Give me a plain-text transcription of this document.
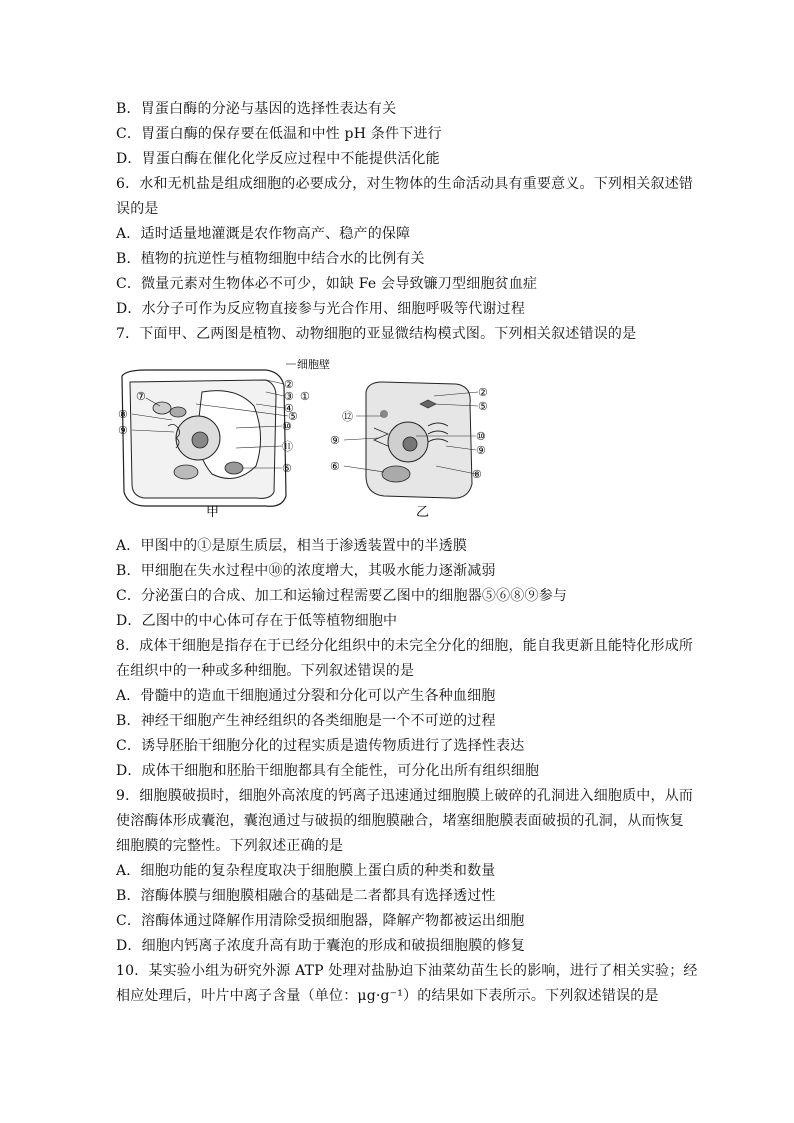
B．胃蛋白酶的分泌与基因的选择性表达有关
C．胃蛋白酶的保存要在低温和中性 pH 条件下进行
D．胃蛋白酶在催化化学反应过程中不能提供活化能
6．水和无机盐是组成细胞的必要成分，对生物体的生命活动具有重要意义。下列相关叙述错
误的是
A．适时适量地灌溉是农作物高产、稳产的保障
B．植物的抗逆性与植物细胞中结合水的比例有关
C．微量元素对生物体必不可少，如缺 Fe 会导致镰刀型细胞贫血症
D．水分子可作为反应物直接参与光合作用、细胞呼吸等代谢过程
7．下面甲、乙两图是植物、动物细胞的亚显微结构模式图。下列相关叙述错误的是
细胞壁
②
③
④
①
⑤
⑩
⑪
⑥
⑦
⑧
⑨
甲
②
⑤
⑩
⑨
⑧
⑫
⑨
⑥
乙
A．甲图中的①是原生质层，相当于渗透装置中的半透膜
B．甲细胞在失水过程中⑩的浓度增大，其吸水能力逐渐减弱
C．分泌蛋白的合成、加工和运输过程需要乙图中的细胞器⑤⑥⑧⑨参与
D．乙图中的中心体可存在于低等植物细胞中
8．成体干细胞是指存在于已经分化组织中的未完全分化的细胞，能自我更新且能特化形成所
在组织中的一种或多种细胞。下列叙述错误的是
A．骨髓中的造血干细胞通过分裂和分化可以产生各种血细胞
B．神经干细胞产生神经组织的各类细胞是一个不可逆的过程
C．诱导胚胎干细胞分化的过程实质是遗传物质进行了选择性表达
D．成体干细胞和胚胎干细胞都具有全能性，可分化出所有组织细胞
9．细胞膜破损时，细胞外高浓度的钙离子迅速通过细胞膜上破碎的孔洞进入细胞质中，从而
使溶酶体形成囊泡，囊泡通过与破损的细胞膜融合，堵塞细胞膜表面破损的孔洞，从而恢复
细胞膜的完整性。下列叙述正确的是
A．细胞功能的复杂程度取决于细胞膜上蛋白质的种类和数量
B．溶酶体膜与细胞膜相融合的基础是二者都具有选择透过性
C．溶酶体通过降解作用清除受损细胞器，降解产物都被运出细胞
D．细胞内钙离子浓度升高有助于囊泡的形成和破损细胞膜的修复
10．某实验小组为研究外源 ATP 处理对盐胁迫下油菜幼苗生长的影响，进行了相关实验；经
相应处理后，叶片中离子含量（单位：μg·g⁻¹）的结果如下表所示。下列叙述错误的是
